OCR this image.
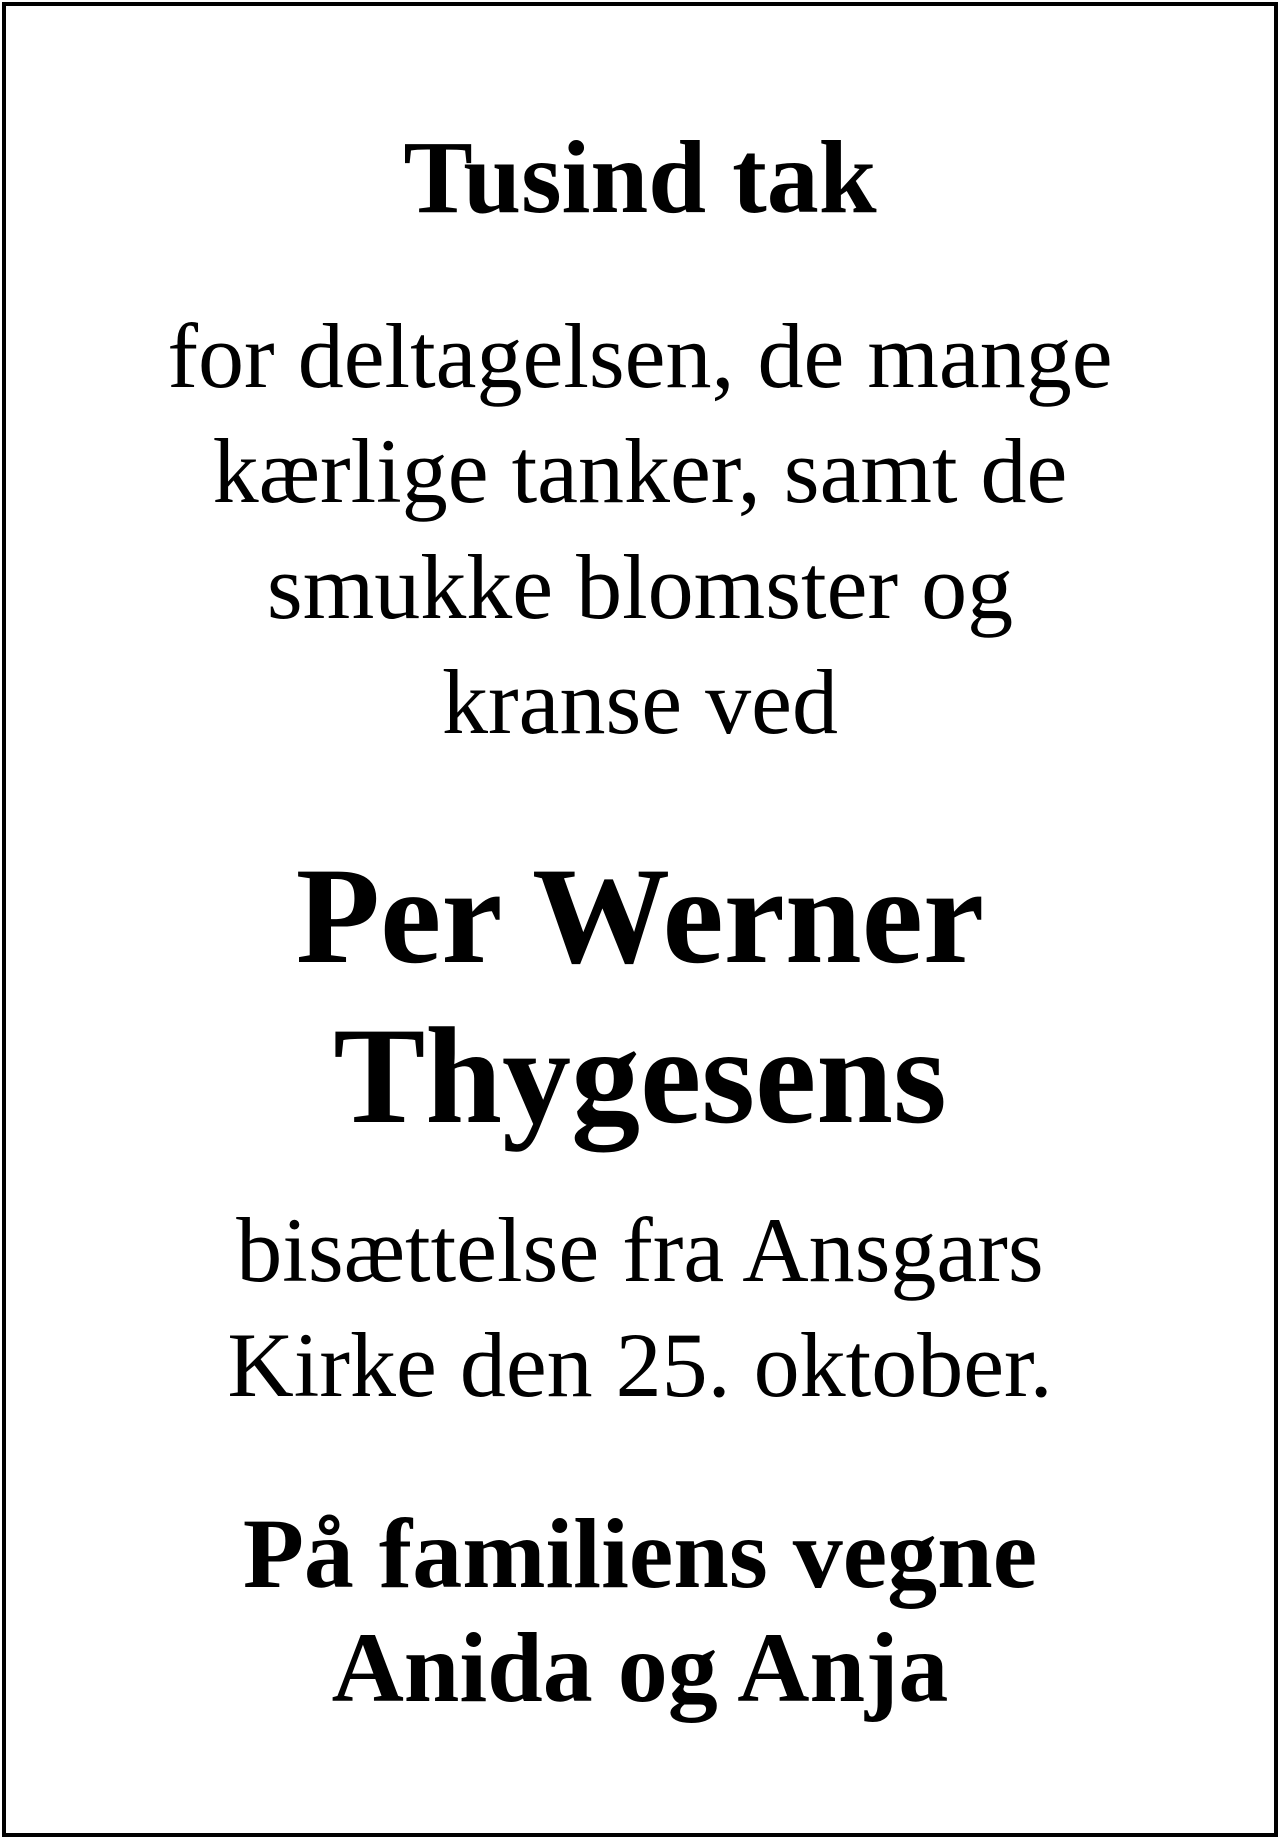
Tusind tak

for deltagelsen, de mange

kærlige tanker, samt de

smukke blomster og

kranse ved

Per Werner

Thygesens

bisættelse fra Ansgars

Kirke den 25. oktober.

På familiens vegne

Anida og Anja
